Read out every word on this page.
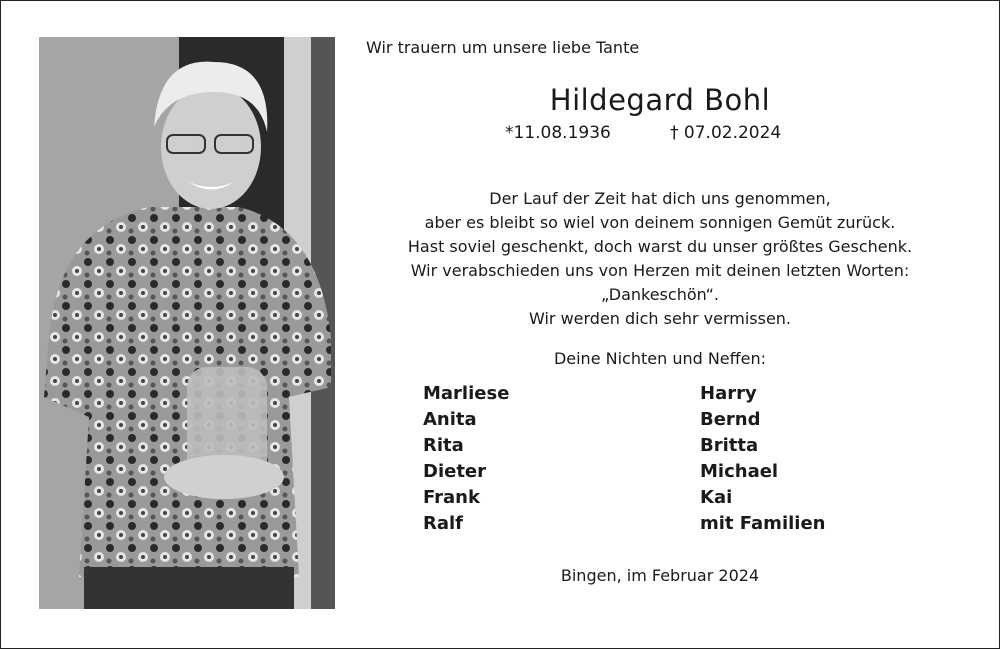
Wir trauern um unsere liebe Tante
Hildegard Bohl
*11.08.1936	† 07.02.2024
Der Lauf der Zeit hat dich uns genommen,
aber es bleibt so wiel von deinem sonnigen Gemüt zurück.
Hast soviel geschenkt, doch warst du unser größtes Geschenk.
Wir verabschieden uns von Herzen mit deinen letzten Worten:
„Dankeschön“.
Wir werden dich sehr vermissen.
Deine Nichten und Neffen:
Marliese
Anita
Rita
Dieter
Frank
Ralf
Harry
Bernd
Britta
Michael
Kai
mit Familien
Bingen, im Februar 2024
